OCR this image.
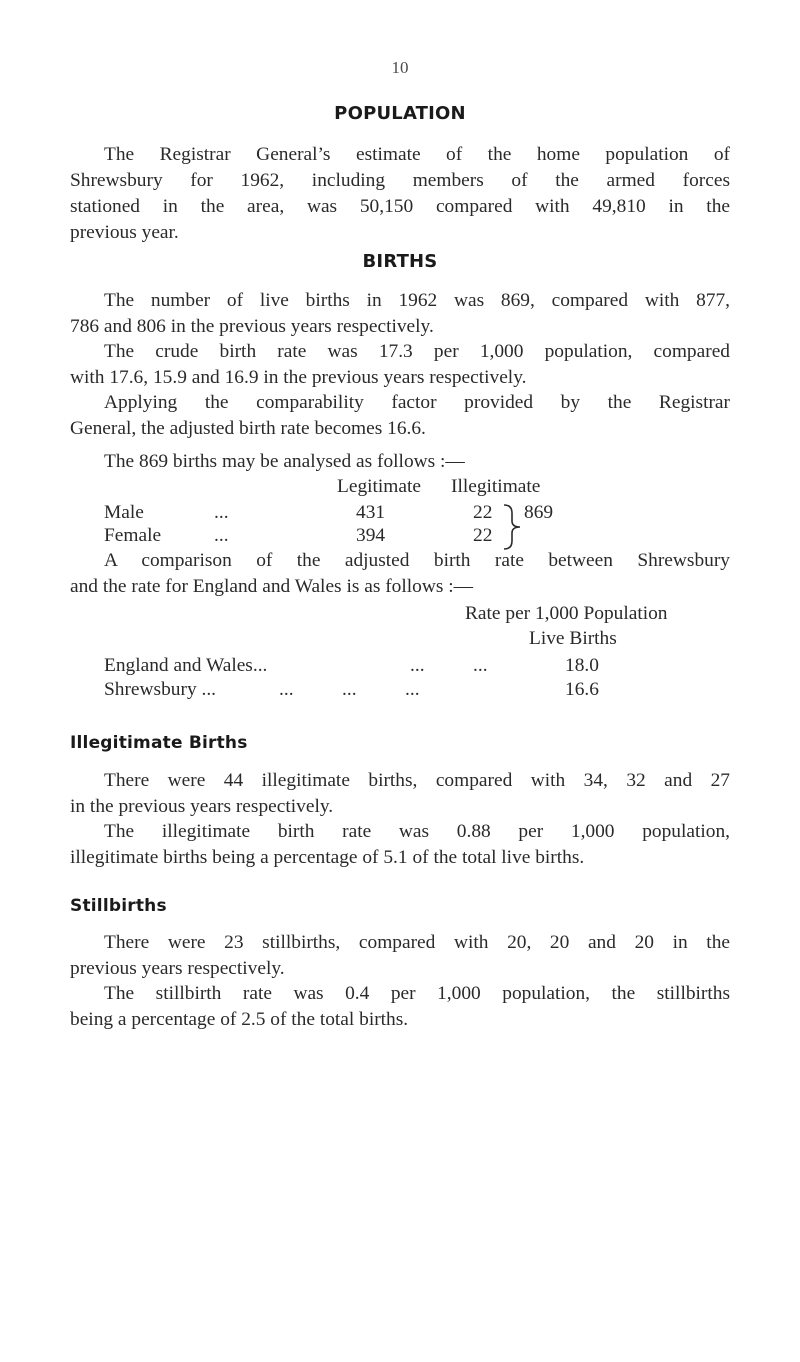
10
POPULATION
The Registrar General’s estimate of the home population of
Shrewsbury for 1962, including members of the armed forces
stationed in the area, was 50,150 compared with 49,810 in the
previous year.
BIRTHS
The number of live births in 1962 was 869, compared with 877,
786 and 806 in the previous years respectively.
The crude birth rate was 17.3 per 1,000 population, compared
with 17.6, 15.9 and 16.9 in the previous years respectively.
Applying the comparability factor provided by the Registrar
General, the adjusted birth rate becomes 16.6.
The 869 births may be analysed as follows :—
Legitimate Illegitimate
Male	...	431	22
Female	...	394	22
869
A comparison of the adjusted birth rate between Shrewsbury
and the rate for England and Wales is as follows :—
Rate per 1,000 Population
Live Births
England and Wales...	...          ...	18.0
Shrewsbury ...	...          ...          ...	16.6
Illegitimate Births
There were 44 illegitimate births, compared with 34, 32 and 27
in the previous years respectively.
The illegitimate birth rate was 0.88 per 1,000 population,
illegitimate births being a percentage of 5.1 of the total live births.
Stillbirths
There were 23 stillbirths, compared with 20, 20 and 20 in the
previous years respectively.
The stillbirth rate was 0.4 per 1,000 population, the stillbirths
being a percentage of 2.5 of the total births.
